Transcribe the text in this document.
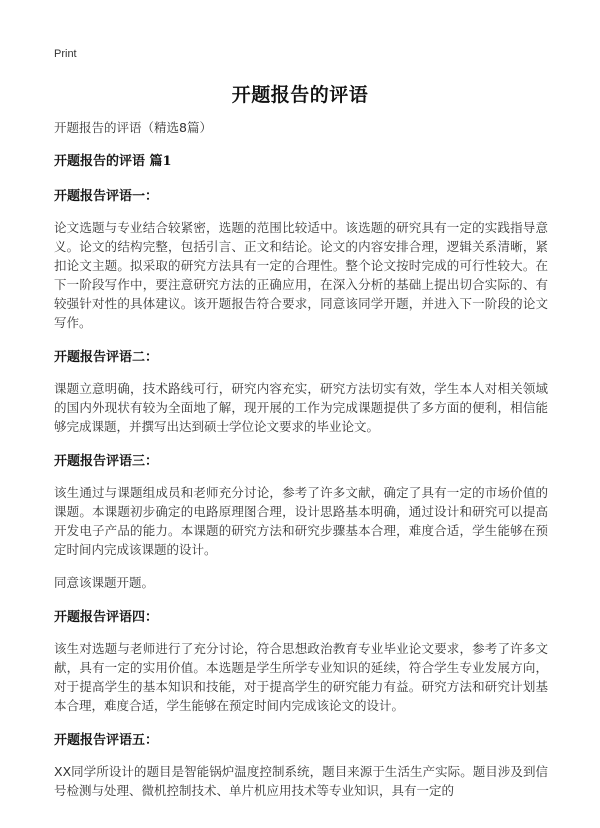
Print
开题报告的评语
开题报告的评语（精选8篇）
开题报告的评语 篇1
开题报告评语一：

论文选题与专业结合较紧密，选题的范围比较适中。该选题的研究具有一定的实践指导意义。论文的结构完整，包括引言、正文和结论。论文的内容安排合理，逻辑关系清晰，紧扣论文主题。拟采取的研究方法具有一定的合理性。整个论文按时完成的可行性较大。在下一阶段写作中，要注意研究方法的正确应用，在深入分析的基础上提出切合实际的、有较强针对性的具体建议。该开题报告符合要求，同意该同学开题，并进入下一阶段的论文写作。

开题报告评语二：

课题立意明确，技术路线可行，研究内容充实，研究方法切实有效，学生本人对相关领域的国内外现状有较为全面地了解，现开展的工作为完成课题提供了多方面的便利，相信能够完成课题，并撰写出达到硕士学位论文要求的毕业论文。

开题报告评语三：

该生通过与课题组成员和老师充分讨论，参考了许多文献，确定了具有一定的市场价值的课题。本课题初步确定的电路原理图合理，设计思路基本明确，通过设计和研究可以提高开发电子产品的能力。本课题的研究方法和研究步骤基本合理，难度合适，学生能够在预定时间内完成该课题的设计。

同意该课题开题。

开题报告评语四：

该生对选题与老师进行了充分讨论，符合思想政治教育专业毕业论文要求，参考了许多文献，具有一定的实用价值。本选题是学生所学专业知识的延续，符合学生专业发展方向，对于提高学生的基本知识和技能，对于提高学生的研究能力有益。研究方法和研究计划基本合理，难度合适，学生能够在预定时间内完成该论文的设计。

开题报告评语五：

XX同学所设计的题目是智能锅炉温度控制系统，题目来源于生活生产实际。题目涉及到信号检测与处理、微机控制技术、单片机应用技术等专业知识，具有一定的
